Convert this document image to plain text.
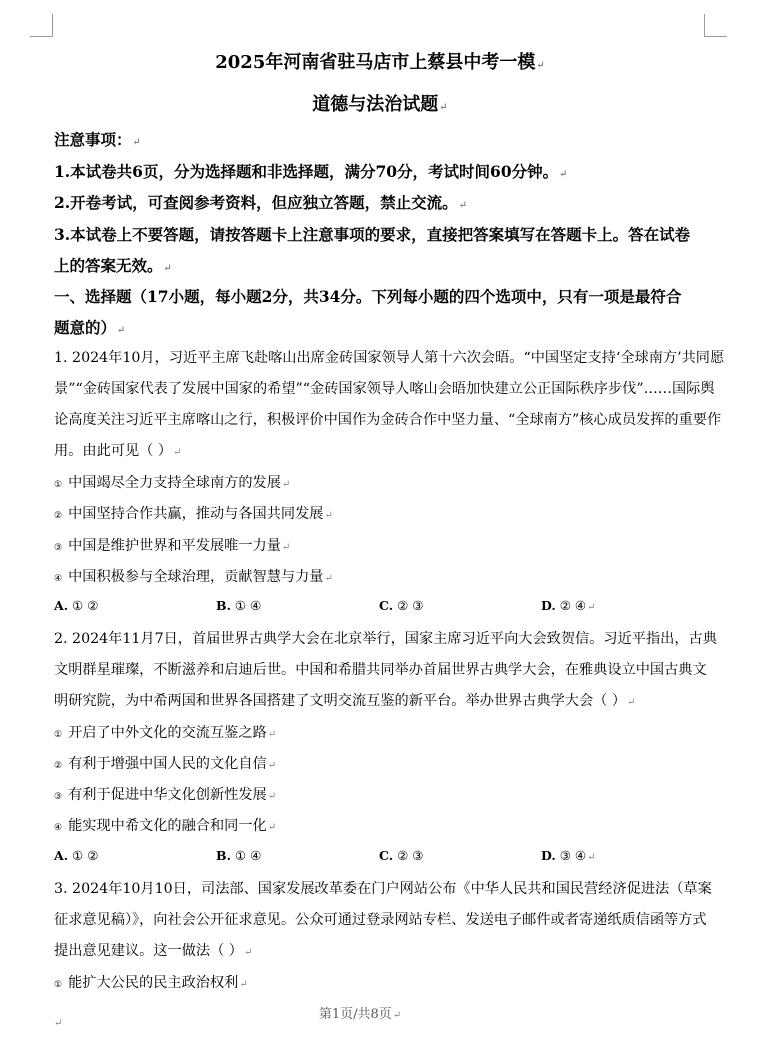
2025年河南省驻马店市上蔡县中考一模↵
道德与法治试题↵
注意事项：↵
1.本试卷共6页，分为选择题和非选择题，满分70分，考试时间60分钟。↵
2.开卷考试，可查阅参考资料，但应独立答题，禁止交流。↵
3.本试卷上不要答题，请按答题卡上注意事项的要求，直接把答案填写在答题卡上。答在试卷
上的答案无效。↵
一、选择题（17小题，每小题2分，共34分。下列每小题的四个选项中，只有一项是最符合
题意的）↵
1. 2024年10月，习近平主席飞赴喀山出席金砖国家领导人第十六次会晤。“中国坚定支持‘全球南方’共同愿
景”“金砖国家代表了发展中国家的希望”“金砖国家领导人喀山会晤加快建立公正国际秩序步伐”……国际舆
论高度关注习近平主席喀山之行，积极评价中国作为金砖合作中坚力量、“全球南方”核心成员发挥的重要作
用。由此可见（ ）↵
① 中国竭尽全力支持全球南方的发展↵
② 中国坚持合作共赢，推动与各国共同发展↵
③ 中国是维护世界和平发展唯一力量↵
④ 中国积极参与全球治理，贡献智慧与力量↵
A. ① ②	B. ① ④	C. ② ③	D. ② ④↵
2. 2024年11月7日，首届世界古典学大会在北京举行，国家主席习近平向大会致贺信。习近平指出，古典
文明群星璀璨，不断滋养和启迪后世。中国和希腊共同举办首届世界古典学大会，在雅典设立中国古典文
明研究院，为中希两国和世界各国搭建了文明交流互鉴的新平台。举办世界古典学大会（ ）↵
① 开启了中外文化的交流互鉴之路↵
② 有利于增强中国人民的文化自信↵
③ 有利于促进中华文化创新性发展↵
④ 能实现中希文化的融合和同一化↵
A. ① ②	B. ① ④	C. ② ③	D. ③ ④↵
3. 2024年10月10日，司法部、国家发展改革委在门户网站公布《中华人民共和国民营经济促进法（草案
征求意见稿）》，向社会公开征求意见。公众可通过登录网站专栏、发送电子邮件或者寄递纸质信函等方式
提出意见建议。这一做法（ ）↵
① 能扩大公民的民主政治权利↵
第1页/共8页↵
↵
